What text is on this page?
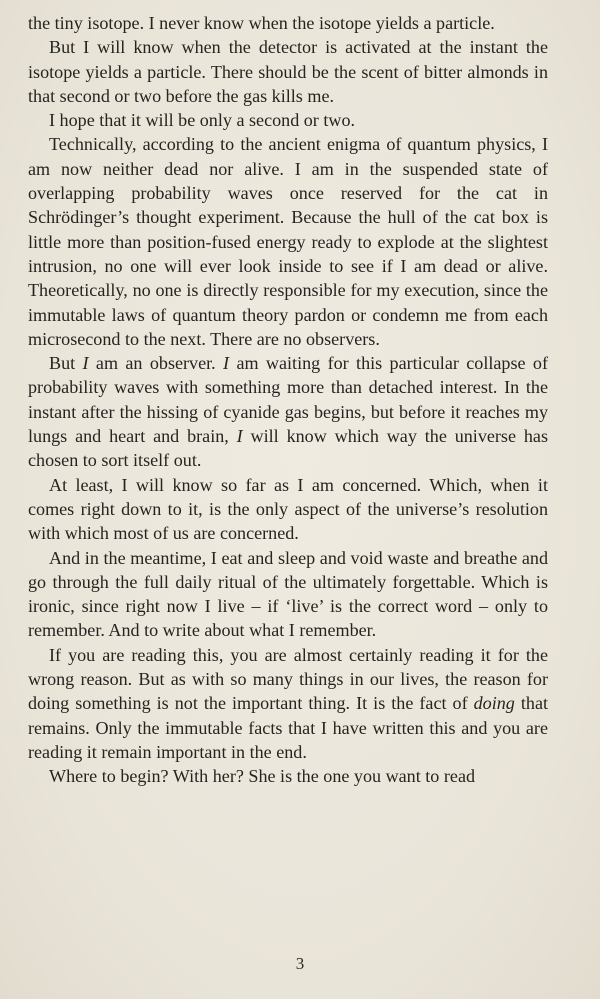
the tiny isotope. I never know when the isotope yields a particle.

But I will know when the detector is activated at the instant the isotope yields a particle. There should be the scent of bitter almonds in that second or two before the gas kills me.

I hope that it will be only a second or two.

Technically, according to the ancient enigma of quantum physics, I am now neither dead nor alive. I am in the suspended state of overlapping probability waves once reserved for the cat in Schrödinger’s thought experiment. Because the hull of the cat box is little more than position-fused energy ready to explode at the slightest intrusion, no one will ever look inside to see if I am dead or alive. Theoretically, no one is directly responsible for my execution, since the immutable laws of quantum theory pardon or condemn me from each microsecond to the next. There are no observers.

But I am an observer. I am waiting for this particular collapse of probability waves with something more than detached interest. In the instant after the hissing of cyanide gas begins, but before it reaches my lungs and heart and brain, I will know which way the universe has chosen to sort itself out.

At least, I will know so far as I am concerned. Which, when it comes right down to it, is the only aspect of the universe’s resolution with which most of us are concerned.

And in the meantime, I eat and sleep and void waste and breathe and go through the full daily ritual of the ultimately forgettable. Which is ironic, since right now I live – if ‘live’ is the correct word – only to remember. And to write about what I remember.

If you are reading this, you are almost certainly reading it for the wrong reason. But as with so many things in our lives, the reason for doing something is not the important thing. It is the fact of doing that remains. Only the immutable facts that I have written this and you are reading it remain important in the end.

Where to begin? With her? She is the one you want to read

3
